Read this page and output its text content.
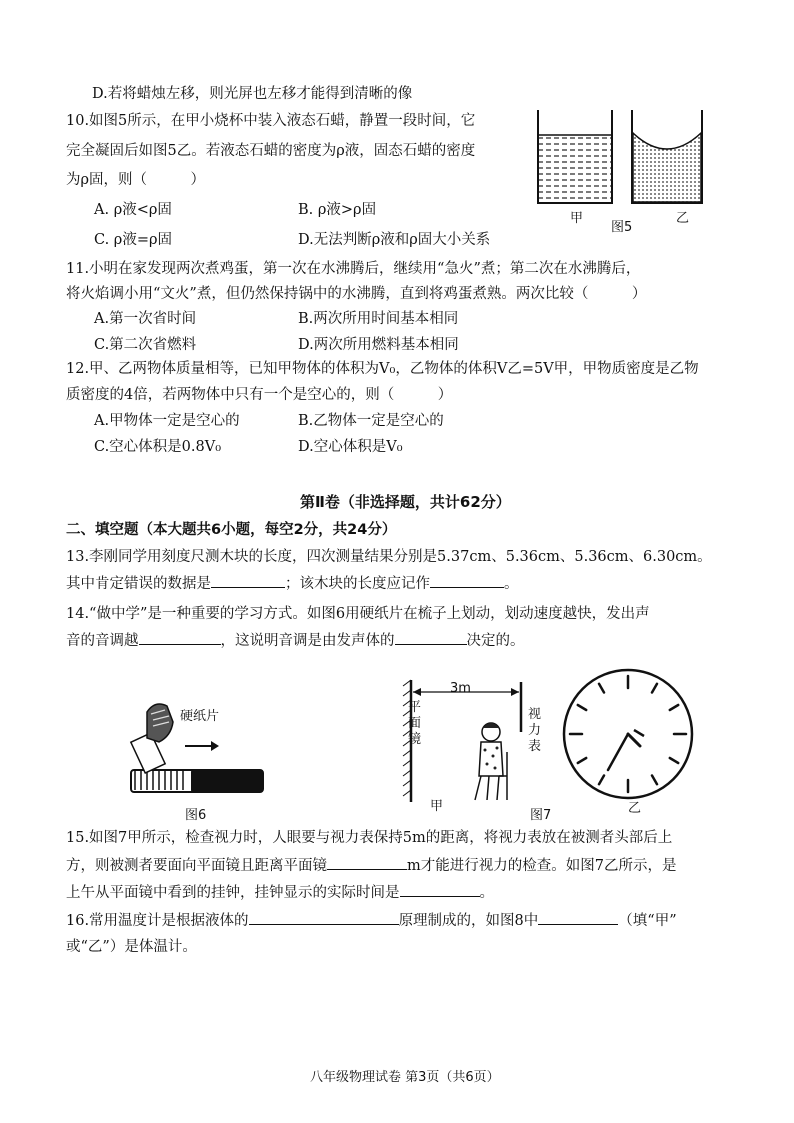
D.若将蜡烛左移，则光屏也左移才能得到清晰的像
10.如图5所示，在甲小烧杯中装入液态石蜡，静置一段时间，它
完全凝固后如图5乙。若液态石蜡的密度为ρ液，固态石蜡的密度
为ρ固，则（　　　）
A. ρ液<ρ固	B. ρ液>ρ固
C. ρ液=ρ固	D.无法判断ρ液和ρ固大小关系
甲	乙
图5
11.小明在家发现两次煮鸡蛋，第一次在水沸腾后，继续用“急火”煮；第二次在水沸腾后，
将火焰调小用“文火”煮，但仍然保持锅中的水沸腾，直到将鸡蛋煮熟。两次比较（　　　）
A.第一次省时间	B.两次所用时间基本相同
C.第二次省燃料	D.两次所用燃料基本相同
12.甲、乙两物体质量相等，已知甲物体的体积为V₀，乙物体的体积V乙=5V甲，甲物质密度是乙物
质密度的4倍，若两物体中只有一个是空心的，则（　　　）
A.甲物体一定是空心的	B.乙物体一定是空心的
C.空心体积是0.8V₀	D.空心体积是V₀
第Ⅱ卷（非选择题，共计62分）
二、填空题（本大题共6小题，每空2分，共24分）
13.李刚同学用刻度尺测木块的长度，四次测量结果分别是5.37cm、5.36cm、5.36cm、6.30cm。
其中肯定错误的数据是	；该木块的长度应记作	。
14.“做中学”是一种重要的学习方式。如图6用硬纸片在梳子上划动，划动速度越快，发出声
音的音调越	，这说明音调是由发声体的	决定的。
硬纸片
图6
3m
平面镜
视力表
甲
图7	乙
15.如图7甲所示，检查视力时，人眼要与视力表保持5m的距离，将视力表放在被测者头部后上
方，则被测者要面向平面镜且距离平面镜	m才能进行视力的检查。如图7乙所示，是
上午从平面镜中看到的挂钟，挂钟显示的实际时间是	。
16.常用温度计是根据液体的	原理制成的，如图8中	（填“甲”
或“乙”）是体温计。
八年级物理试卷 第3页（共6页）
